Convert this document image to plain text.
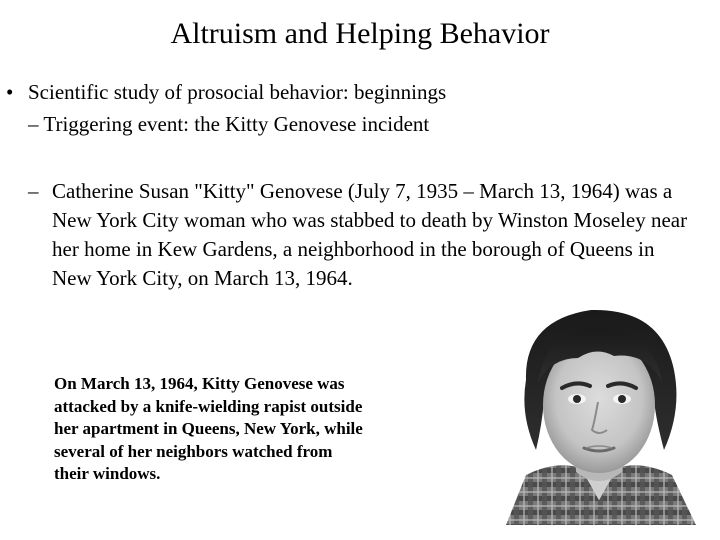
Altruism and Helping Behavior
• Scientific study of prosocial behavior: beginnings
– Triggering event: the Kitty Genovese incident
– Catherine Susan "Kitty" Genovese (July 7, 1935 – March 13, 1964) was a New York City woman who was stabbed to death by Winston Moseley near her home in Kew Gardens, a neighborhood in the borough of Queens in New York City, on March 13, 1964.
On March 13, 1964, Kitty Genovese was attacked by a knife-wielding rapist outside her apartment in Queens, New York, while several of her neighbors watched from their windows.
